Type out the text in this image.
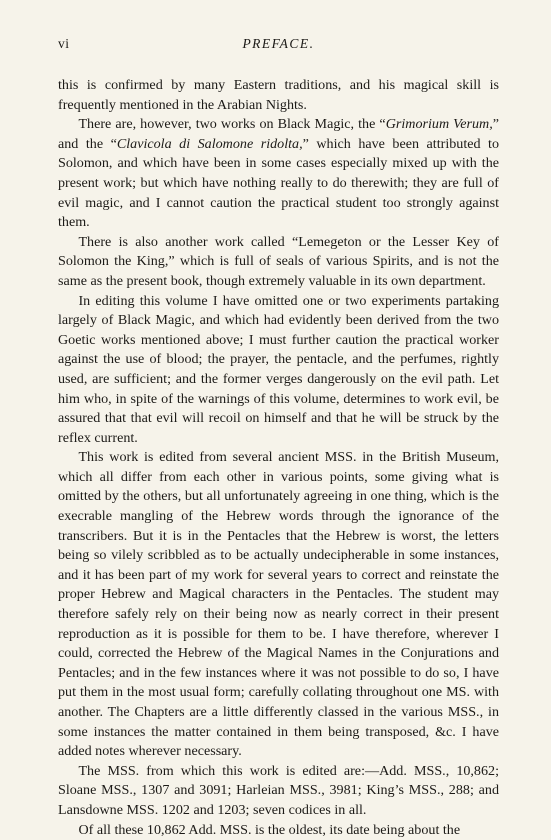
vi	PREFACE.

this is confirmed by many Eastern traditions, and his magical skill is frequently mentioned in the Arabian Nights.

There are, however, two works on Black Magic, the “Grimorium Verum,” and the “Clavicola di Salomone ridolta,” which have been attributed to Solomon, and which have been in some cases especially mixed up with the present work; but which have nothing really to do therewith; they are full of evil magic, and I cannot caution the practical student too strongly against them.

There is also another work called “Lemegeton or the Lesser Key of Solomon the King,” which is full of seals of various Spirits, and is not the same as the present book, though extremely valuable in its own department.

In editing this volume I have omitted one or two experiments partaking largely of Black Magic, and which had evidently been derived from the two Goetic works mentioned above; I must further caution the practical worker against the use of blood; the prayer, the pentacle, and the perfumes, rightly used, are sufficient; and the former verges dangerously on the evil path. Let him who, in spite of the warnings of this volume, determines to work evil, be assured that that evil will recoil on himself and that he will be struck by the reflex current.

This work is edited from several ancient MSS. in the British Museum, which all differ from each other in various points, some giving what is omitted by the others, but all unfortunately agreeing in one thing, which is the execrable mangling of the Hebrew words through the ignorance of the transcribers. But it is in the Pentacles that the Hebrew is worst, the letters being so vilely scribbled as to be actually undecipherable in some instances, and it has been part of my work for several years to correct and reinstate the proper Hebrew and Magical characters in the Pentacles. The student may therefore safely rely on their being now as nearly correct in their present reproduction as it is possible for them to be. I have therefore, wherever I could, corrected the Hebrew of the Magical Names in the Conjurations and Pentacles; and in the few instances where it was not possible to do so, I have put them in the most usual form; carefully collating throughout one MS. with another. The Chapters are a little differently classed in the various MSS., in some instances the matter contained in them being transposed, &c. I have added notes wherever necessary.

The MSS. from which this work is edited are:—Add. MSS., 10,862; Sloane MSS., 1307 and 3091; Harleian MSS., 3981; King’s MSS., 288; and Lansdowne MSS. 1202 and 1203; seven codices in all.

Of all these 10,862 Add. MSS. is the oldest, its date being about the
